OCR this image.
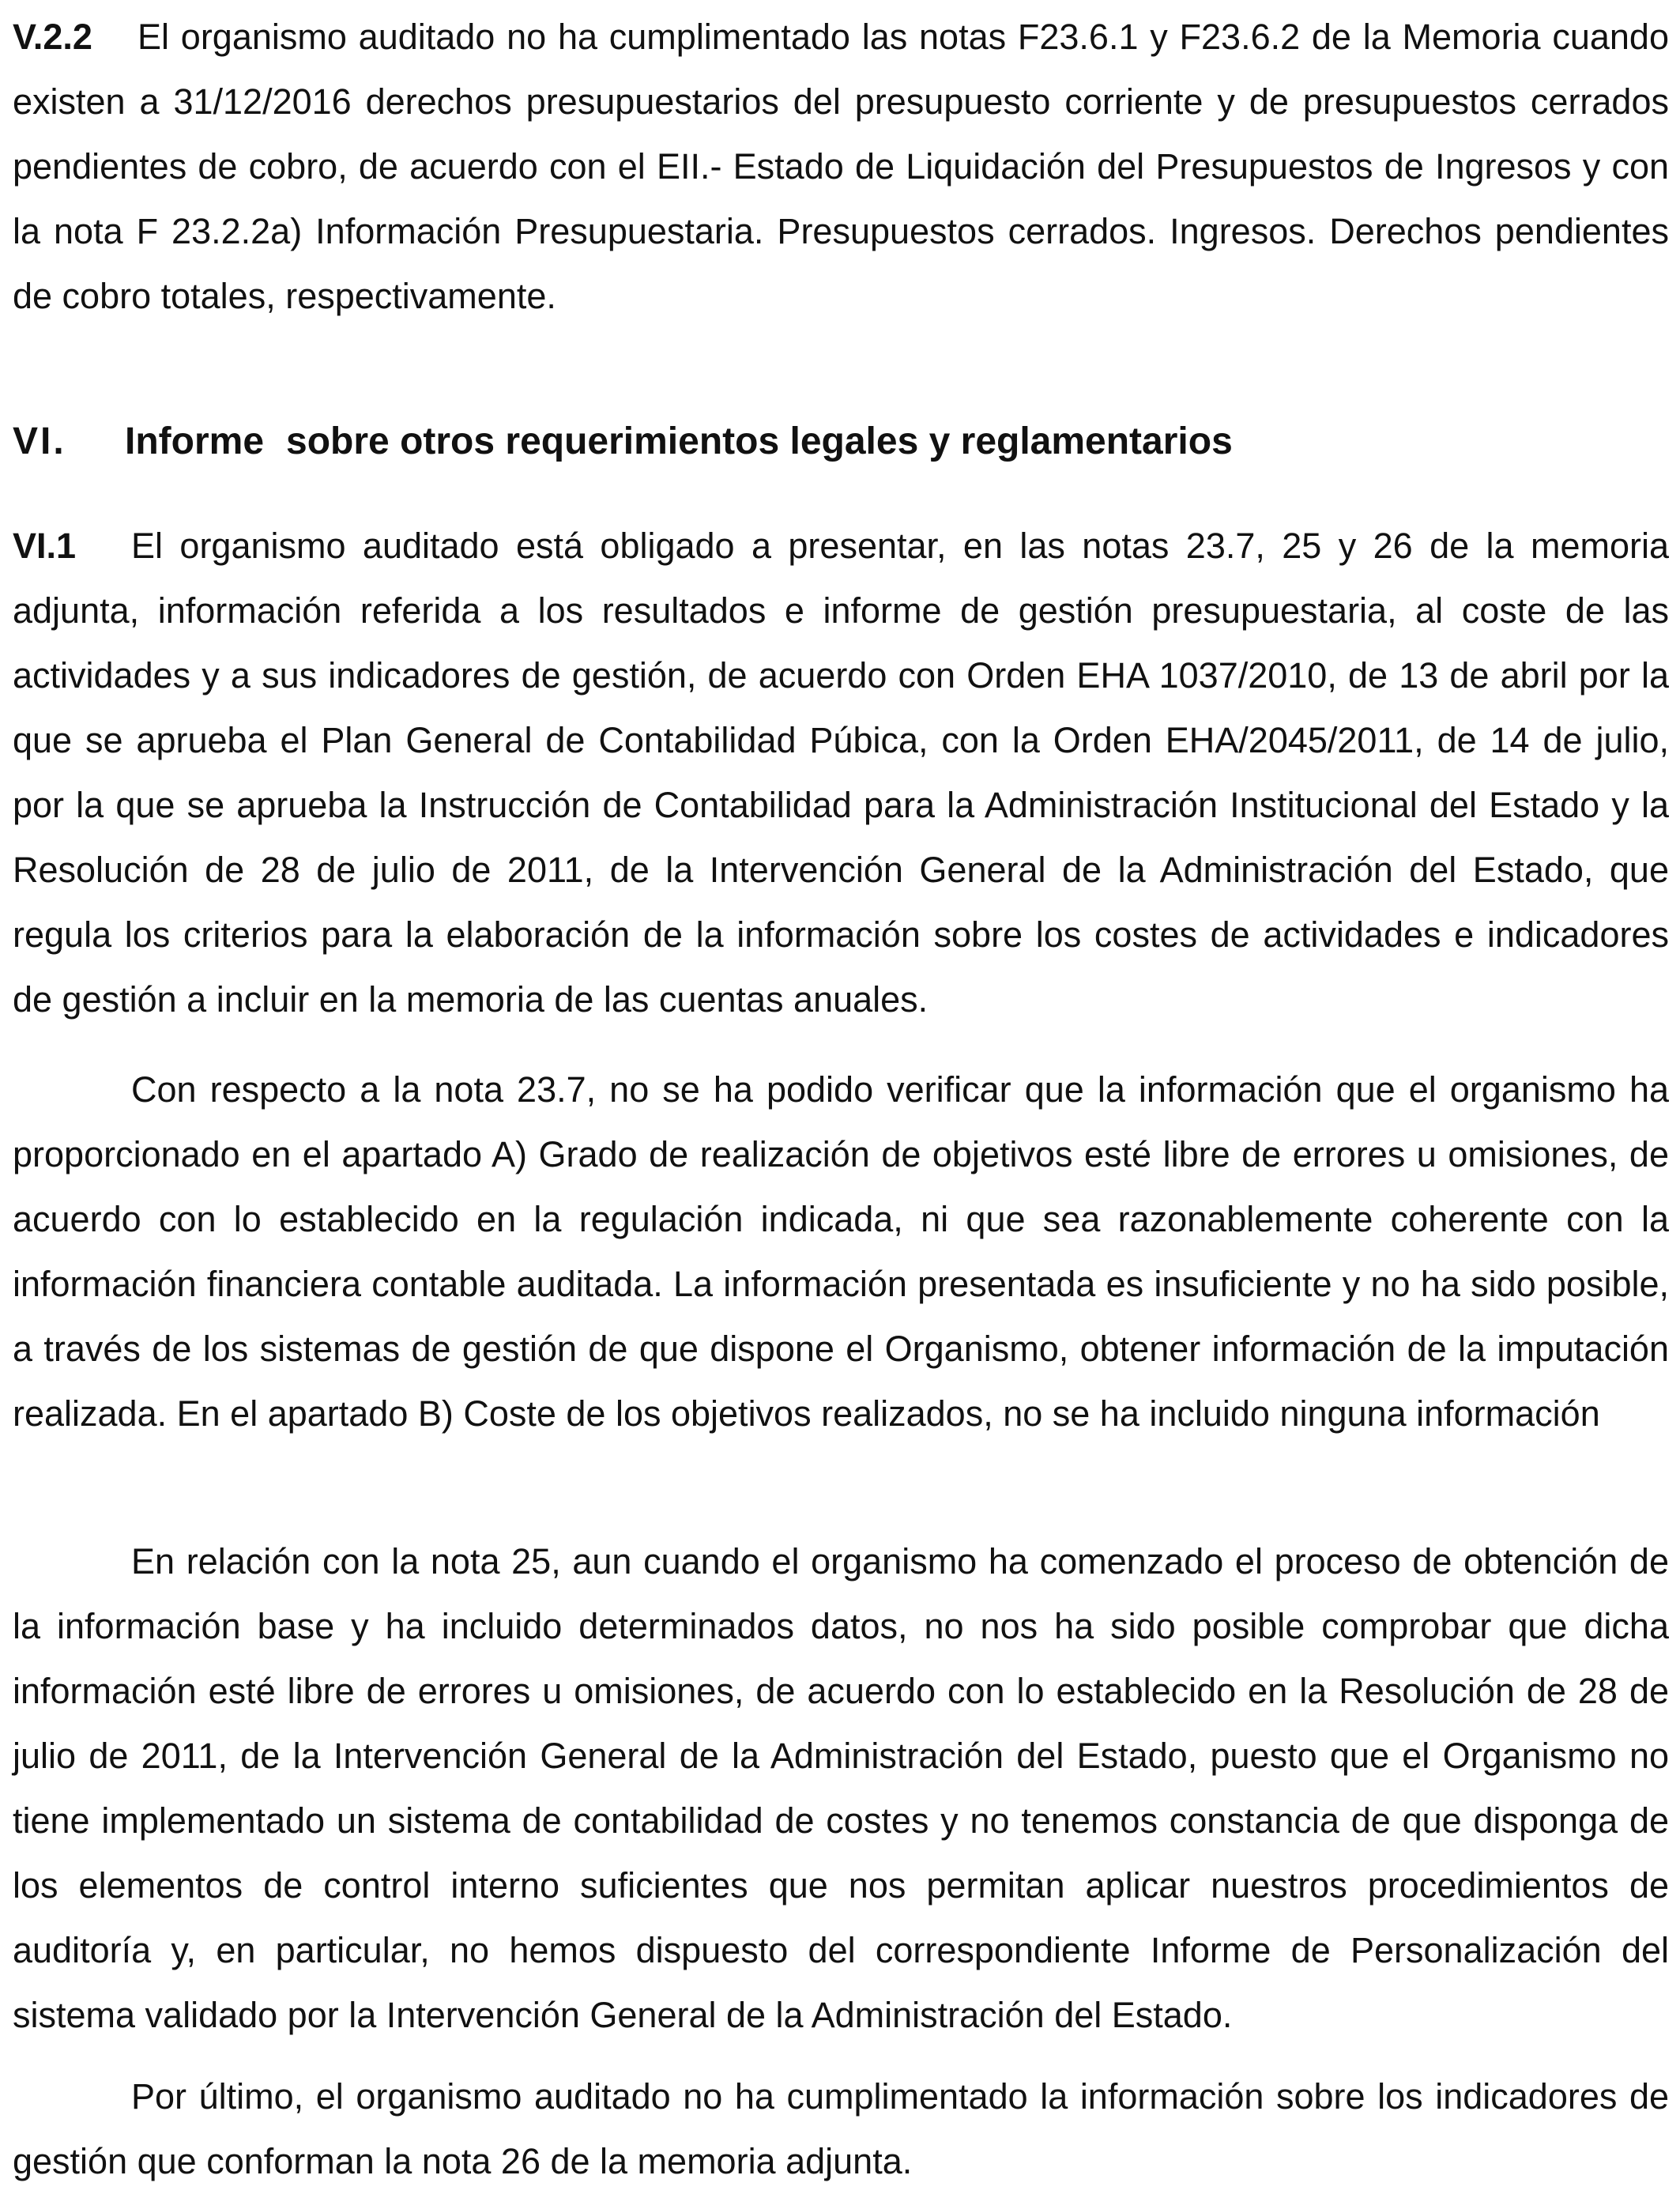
V.2.2 El organismo auditado no ha cumplimentado las notas F23.6.1 y F23.6.2 de la Memoria cuando existen a 31/12/2016 derechos presupuestarios del presupuesto corriente y de presupuestos cerrados pendientes de cobro, de acuerdo con el EII.- Estado de Liquidación del Presupuestos de Ingresos y con la nota F 23.2.2a) Información Presupuestaria. Presupuestos cerrados. Ingresos. Derechos pendientes de cobro totales, respectivamente.

VI. Informe sobre otros requerimientos legales y reglamentarios

VI.1 El organismo auditado está obligado a presentar, en las notas 23.7, 25 y 26 de la memoria adjunta, información referida a los resultados e informe de gestión presupuestaria, al coste de las actividades y a sus indicadores de gestión, de acuerdo con Orden EHA 1037/2010, de 13 de abril por la que se aprueba el Plan General de Contabilidad Púbica, con la Orden EHA/2045/2011, de 14 de julio, por la que se aprueba la Instrucción de Contabilidad para la Administración Institucional del Estado y la Resolución de 28 de julio de 2011, de la Intervención General de la Administración del Estado, que regula los criterios para la elaboración de la información sobre los costes de actividades e indicadores de gestión a incluir en la memoria de las cuentas anuales.

Con respecto a la nota 23.7, no se ha podido verificar que la información que el organismo ha proporcionado en el apartado A) Grado de realización de objetivos esté libre de errores u omisiones, de acuerdo con lo establecido en la regulación indicada, ni que sea razonablemente coherente con la información financiera contable auditada. La información presentada es insuficiente y no ha sido posible, a través de los sistemas de gestión de que dispone el Organismo, obtener información de la imputación realizada. En el apartado B) Coste de los objetivos realizados, no se ha incluido ninguna información

En relación con la nota 25, aun cuando el organismo ha comenzado el proceso de obtención de la información base y ha incluido determinados datos, no nos ha sido posible comprobar que dicha información esté libre de errores u omisiones, de acuerdo con lo establecido en la Resolución de 28 de julio de 2011, de la Intervención General de la Administración del Estado, puesto que el Organismo no tiene implementado un sistema de contabilidad de costes y no tenemos constancia de que disponga de los elementos de control interno suficientes que nos permitan aplicar nuestros procedimientos de auditoría y, en particular, no hemos dispuesto del correspondiente Informe de Personalización del sistema validado por la Intervención General de la Administración del Estado.

Por último, el organismo auditado no ha cumplimentado la información sobre los indicadores de gestión que conforman la nota 26 de la memoria adjunta.
